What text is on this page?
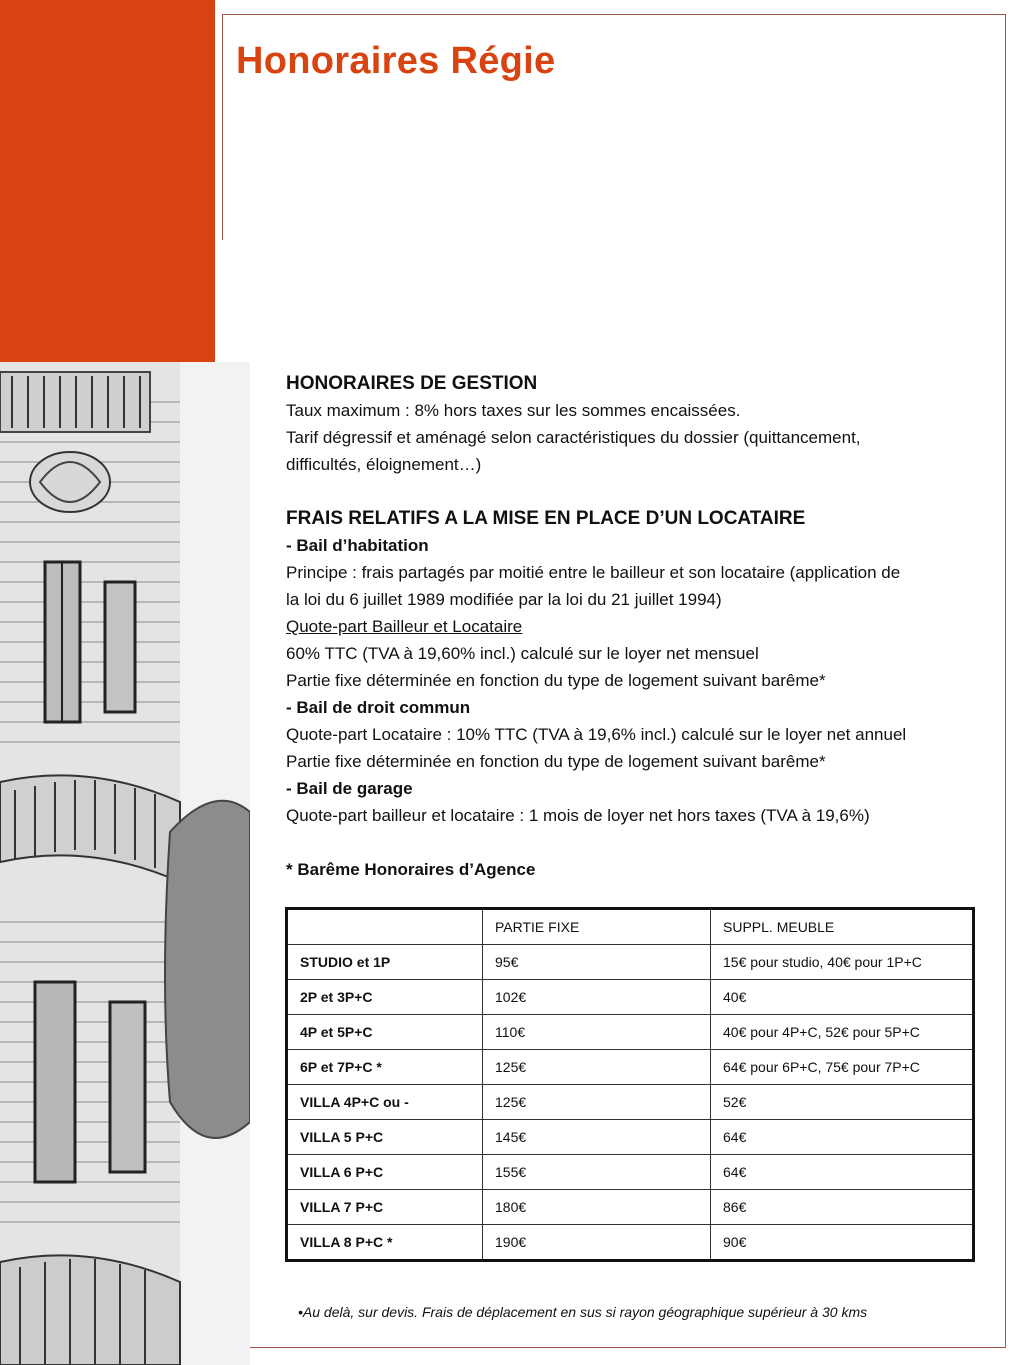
Honoraires Régie
HONORAIRES DE GESTION
Taux maximum : 8% hors taxes sur les sommes encaissées.
Tarif dégressif et aménagé selon caractéristiques du dossier (quittancement,
difficultés, éloignement…)
FRAIS RELATIFS A LA MISE EN PLACE D’UN LOCATAIRE
- Bail d’habitation
Principe : frais partagés par moitié entre le bailleur et son locataire (application de
la loi du 6 juillet 1989 modifiée par la loi du 21 juillet 1994)
Quote-part Bailleur et Locataire
60% TTC (TVA à 19,60% incl.) calculé sur le loyer net mensuel
Partie fixe déterminée en fonction du type de logement suivant barême*
- Bail de droit commun
Quote-part Locataire : 10% TTC (TVA à 19,6% incl.) calculé sur le loyer net annuel
Partie fixe déterminée en fonction du type de logement suivant barême*
- Bail de garage
Quote-part bailleur et locataire : 1 mois de loyer net hors taxes (TVA à 19,6%)
* Barême Honoraires d’Agence
	PARTIE FIXE	SUPPL. MEUBLE
STUDIO et 1P	95€	15€ pour studio, 40€ pour 1P+C
2P et 3P+C	102€	40€
4P et 5P+C	110€	40€ pour 4P+C, 52€ pour 5P+C
6P et 7P+C *	125€	64€ pour 6P+C, 75€ pour 7P+C
VILLA 4P+C ou -	125€	52€
VILLA 5 P+C	145€	64€
VILLA 6 P+C	155€	64€
VILLA 7 P+C	180€	86€
VILLA 8 P+C *	190€	90€
•Au delà, sur devis. Frais de déplacement en sus si rayon géographique supérieur à 30 kms
